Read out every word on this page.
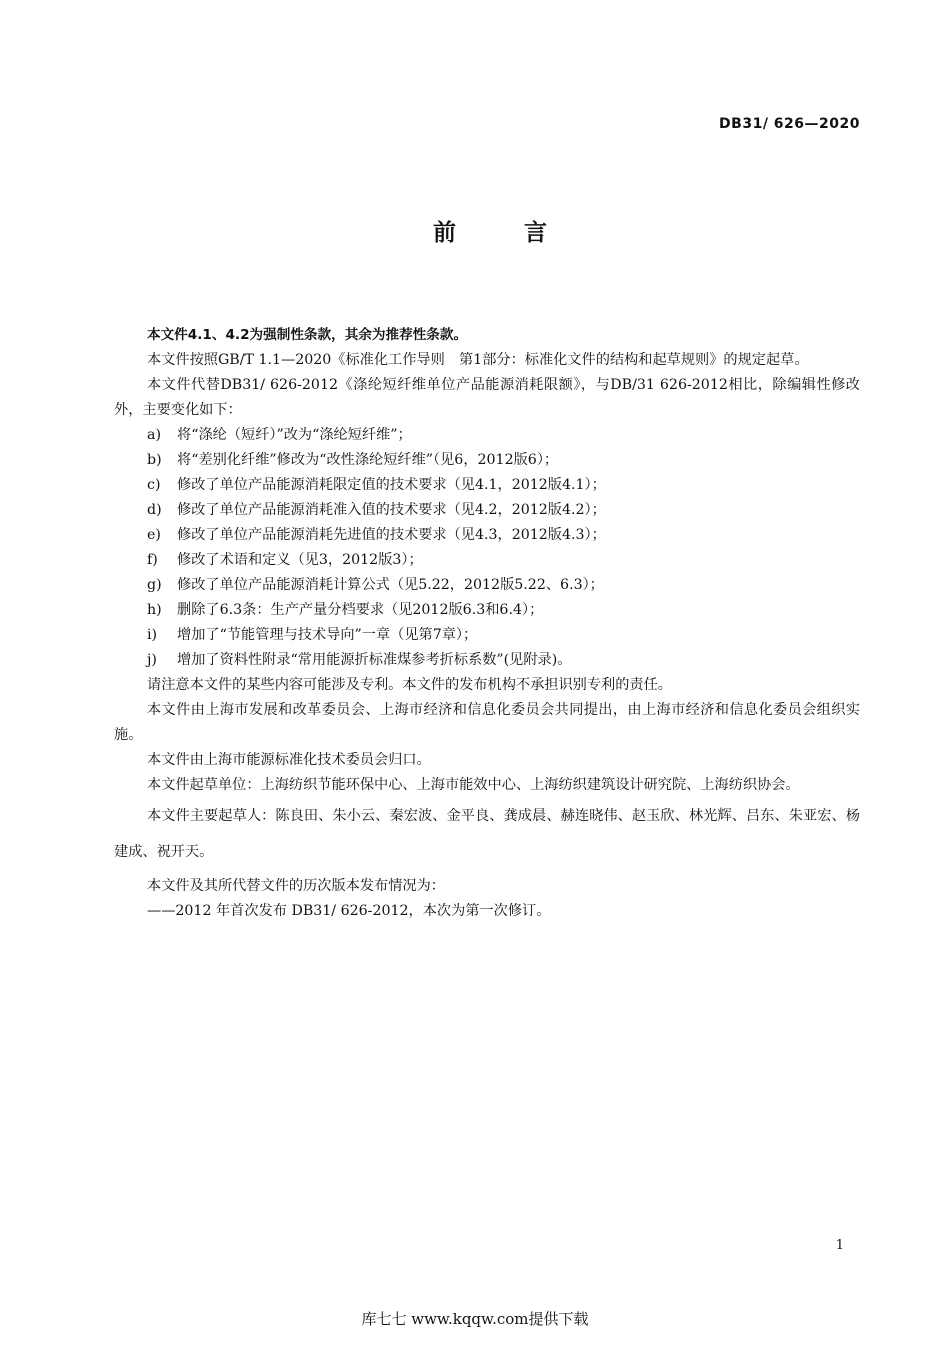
DB31/ 626—2020
前 言

本文件4.1、4.2为强制性条款，其余为推荐性条款。

本文件按照GB/T 1.1—2020《标准化工作导则　第1部分：标准化文件的结构和起草规则》的规定起草。

本文件代替DB31/ 626-2012《涤纶短纤维单位产品能源消耗限额》，与DB/31 626-2012相比，除编辑性修改外，主要变化如下：

a) 将“涤纶（短纤）”改为“涤纶短纤维”；

b) 将“差别化纤维”修改为“改性涤纶短纤维”（见6，2012版6）；

c) 修改了单位产品能源消耗限定值的技术要求（见4.1，2012版4.1）；

d) 修改了单位产品能源消耗准入值的技术要求（见4.2，2012版4.2）；

e) 修改了单位产品能源消耗先进值的技术要求（见4.3，2012版4.3）；

f) 修改了术语和定义（见3，2012版3）；

g) 修改了单位产品能源消耗计算公式（见5.22，2012版5.22、6.3）；

h) 删除了6.3条：生产产量分档要求（见2012版6.3和6.4）；

i) 增加了“节能管理与技术导向”一章（见第7章）；

j) 增加了资料性附录“常用能源折标准煤参考折标系数”(见附录)。

请注意本文件的某些内容可能涉及专利。本文件的发布机构不承担识别专利的责任。

本文件由上海市发展和改革委员会、上海市经济和信息化委员会共同提出，由上海市经济和信息化委员会组织实施。

本文件由上海市能源标准化技术委员会归口。

本文件起草单位：上海纺织节能环保中心、上海市能效中心、上海纺织建筑设计研究院、上海纺织协会。

本文件主要起草人：陈良田、朱小云、秦宏波、金平良、龚成晨、赫连晓伟、赵玉欣、林光辉、吕东、朱亚宏、杨建成、祝开天。

本文件及其所代替文件的历次版本发布情况为：

——2012 年首次发布 DB31/ 626-2012，本次为第一次修订。

1
库七七 www.kqqw.com提供下载
